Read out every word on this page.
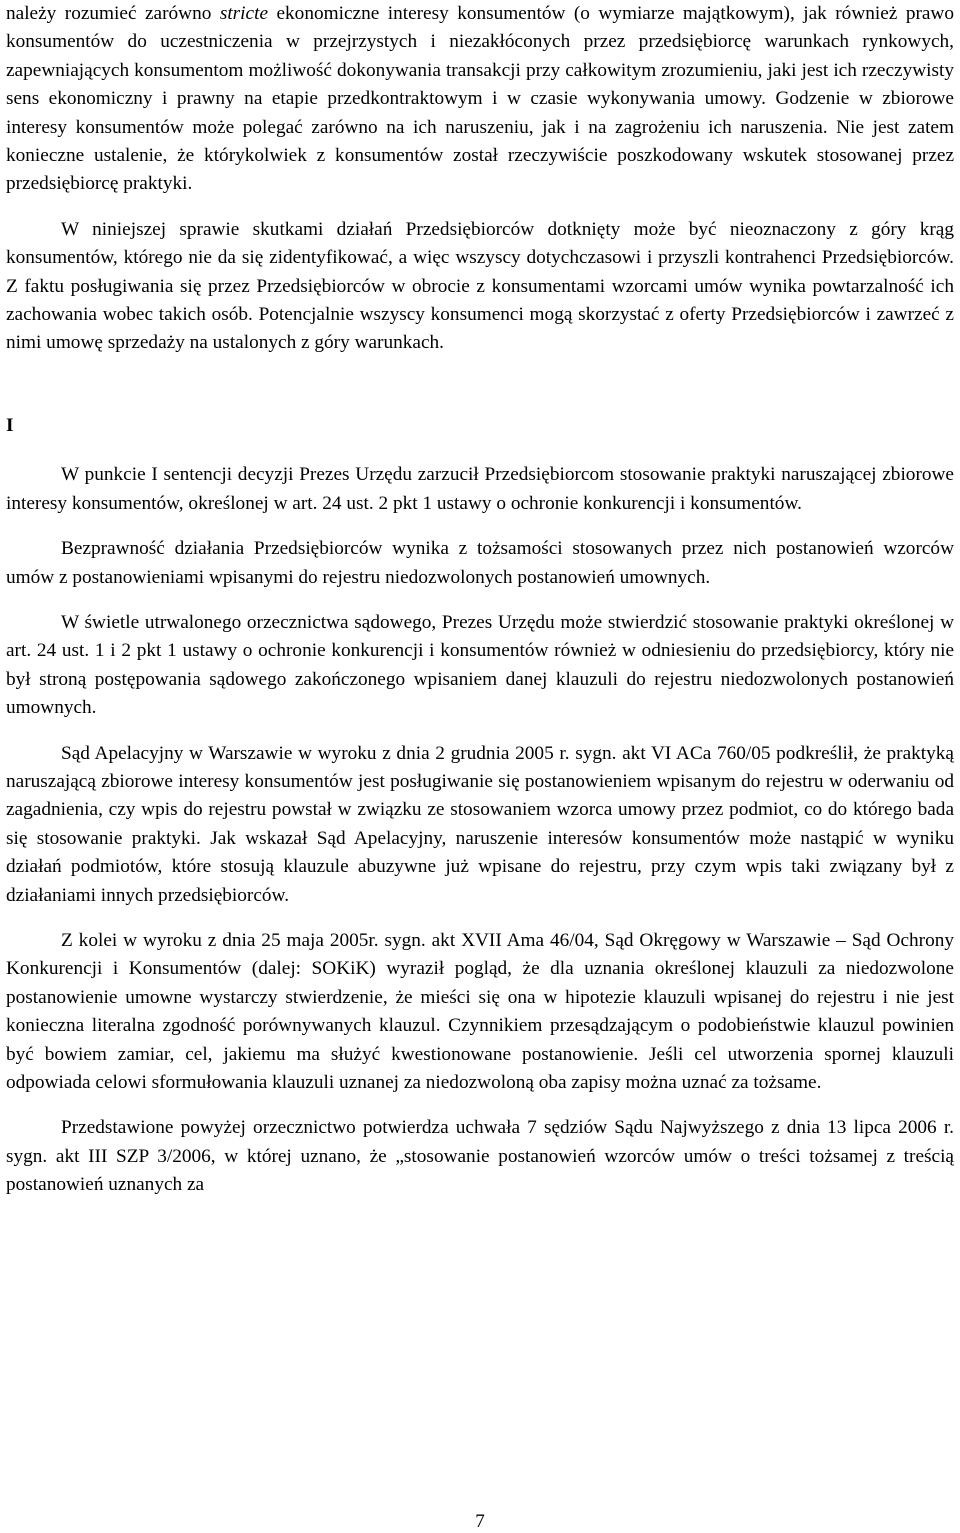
należy rozumieć zarówno stricte ekonomiczne interesy konsumentów (o wymiarze majątkowym), jak również prawo konsumentów do uczestniczenia w przejrzystych i niezakłóconych przez przedsiębiorcę warunkach rynkowych, zapewniających konsumentom możliwość dokonywania transakcji przy całkowitym zrozumieniu, jaki jest ich rzeczywisty sens ekonomiczny i prawny na etapie przedkontraktowym i w czasie wykonywania umowy. Godzenie w zbiorowe interesy konsumentów może polegać zarówno na ich naruszeniu, jak i na zagrożeniu ich naruszenia. Nie jest zatem konieczne ustalenie, że którykolwiek z konsumentów został rzeczywiście poszkodowany wskutek stosowanej przez przedsiębiorcę praktyki.

W niniejszej sprawie skutkami działań Przedsiębiorców dotknięty może być nieoznaczony z góry krąg konsumentów, którego nie da się zidentyfikować, a więc wszyscy dotychczasowi i przyszli kontrahenci Przedsiębiorców. Z faktu posługiwania się przez Przedsiębiorców w obrocie z konsumentami wzorcami umów wynika powtarzalność ich zachowania wobec takich osób. Potencjalnie wszyscy konsumenci mogą skorzystać z oferty Przedsiębiorców i zawrzeć z nimi umowę sprzedaży na ustalonych z góry warunkach.

I

W punkcie I sentencji decyzji Prezes Urzędu zarzucił Przedsiębiorcom stosowanie praktyki naruszającej zbiorowe interesy konsumentów, określonej w art. 24 ust. 2 pkt 1 ustawy o ochronie konkurencji i konsumentów.

Bezprawność działania Przedsiębiorców wynika z tożsamości stosowanych przez nich postanowień wzorców umów z postanowieniami wpisanymi do rejestru niedozwolonych postanowień umownych.

W świetle utrwalonego orzecznictwa sądowego, Prezes Urzędu może stwierdzić stosowanie praktyki określonej w art. 24 ust. 1 i 2 pkt 1 ustawy o ochronie konkurencji i konsumentów również w odniesieniu do przedsiębiorcy, który nie był stroną postępowania sądowego zakończonego wpisaniem danej klauzuli do rejestru niedozwolonych postanowień umownych.

Sąd Apelacyjny w Warszawie w wyroku z dnia 2 grudnia 2005 r. sygn. akt VI ACa 760/05 podkreślił, że praktyką naruszającą zbiorowe interesy konsumentów jest posługiwanie się postanowieniem wpisanym do rejestru w oderwaniu od zagadnienia, czy wpis do rejestru powstał w związku ze stosowaniem wzorca umowy przez podmiot, co do którego bada się stosowanie praktyki. Jak wskazał Sąd Apelacyjny, naruszenie interesów konsumentów może nastąpić w wyniku działań podmiotów, które stosują klauzule abuzywne już wpisane do rejestru, przy czym wpis taki związany był z działaniami innych przedsiębiorców.

Z kolei w wyroku z dnia 25 maja 2005r. sygn. akt XVII Ama 46/04, Sąd Okręgowy w Warszawie – Sąd Ochrony Konkurencji i Konsumentów (dalej: SOKiK) wyraził pogląd, że dla uznania określonej klauzuli za niedozwolone postanowienie umowne wystarczy stwierdzenie, że mieści się ona w hipotezie klauzuli wpisanej do rejestru i nie jest konieczna literalna zgodność porównywanych klauzul. Czynnikiem przesądzającym o podobieństwie klauzul powinien być bowiem zamiar, cel, jakiemu ma służyć kwestionowane postanowienie. Jeśli cel utworzenia spornej klauzuli odpowiada celowi sformułowania klauzuli uznanej za niedozwoloną oba zapisy można uznać za tożsame.

Przedstawione powyżej orzecznictwo potwierdza uchwała 7 sędziów Sądu Najwyższego z dnia 13 lipca 2006 r. sygn. akt III SZP 3/2006, w której uznano, że „stosowanie postanowień wzorców umów o treści tożsamej z treścią postanowień uznanych za

7
